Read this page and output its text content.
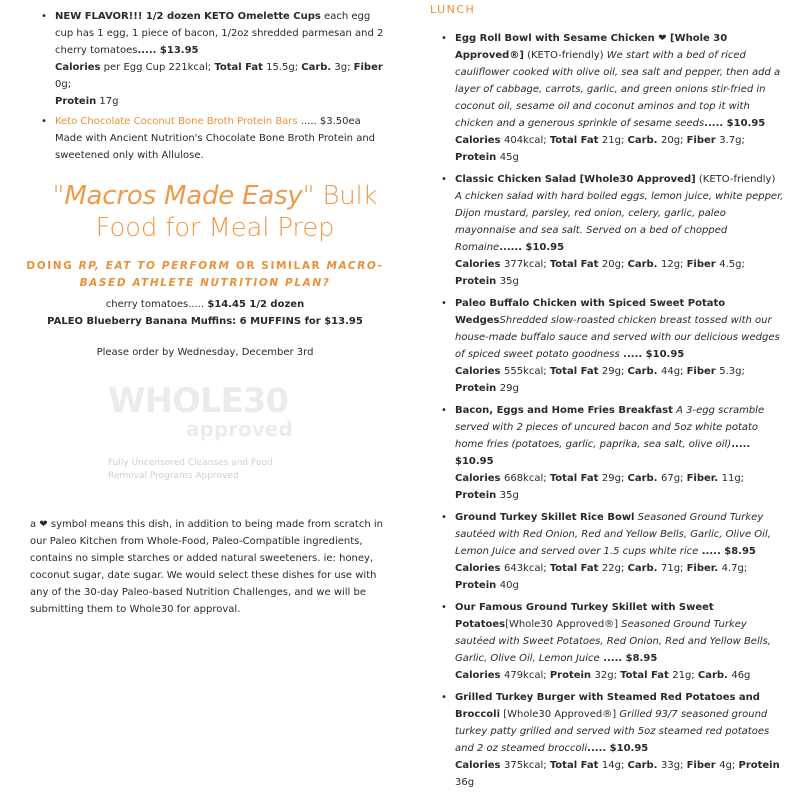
• NEW FLAVOR!!! 1/2 dozen KETO Omelette Cups each egg cup has 1 egg, 1 piece of bacon, 1/2oz shredded parmesan and 2 cherry tomatoes..... $13.95
Calories per Egg Cup 221kcal; Total Fat 15.5g; Carb. 3g; Fiber 0g;
Protein 17g
• Keto Chocolate Coconut Bone Broth Protein Bars ..... $3.50ea
Made with Ancient Nutrition's Chocolate Bone Broth Protein and sweetened only with Allulose.
"Macros Made Easy" Bulk Food for Meal Prep
DOING RP, EAT TO PERFORM OR SIMILAR MACRO-BASED ATHLETE NUTRITION PLAN?
cherry tomatoes..... $14.45 1/2 dozen
PALEO Blueberry Banana Muffins: 6 MUFFINS for $13.95
Please order by Wednesday, December 3rd
WHOLE30
approved
Fully Uncensored Cleanses and Food Removal Programs Approved
a ❤ symbol means this dish, in addition to being made from scratch in our Paleo Kitchen from Whole-Food, Paleo-Compatible ingredients, contains no simple starches or added natural sweeteners. ie: honey, coconut sugar, date sugar. We would select these dishes for use with any of the 30-day Paleo-based Nutrition Challenges, and we will be submitting them to Whole30 for approval.
LUNCH
• Egg Roll Bowl with Sesame Chicken ❤ [Whole 30 Approved®] (KETO-friendly) We start with a bed of riced cauliflower cooked with olive oil, sea salt and pepper, then add a layer of cabbage, carrots, garlic, and green onions stir-fried in coconut oil, sesame oil and coconut aminos and top it with chicken and a generous sprinkle of sesame seeds..... $10.95
Calories 404kcal; Total Fat 21g; Carb. 20g; Fiber 3.7g; Protein 45g
• Classic Chicken Salad [Whole30 Approved] (KETO-friendly) A chicken salad with hard boiled eggs, lemon juice, white pepper, Dijon mustard, parsley, red onion, celery, garlic, paleo mayonnaise and sea salt. Served on a bed of chopped Romaine...... $10.95
Calories 377kcal; Total Fat 20g; Carb. 12g; Fiber 4.5g; Protein 35g
• Paleo Buffalo Chicken with Spiced Sweet Potato WedgesShredded slow-roasted chicken breast tossed with our house-made buffalo sauce and served with our delicious wedges of spiced sweet potato goodness ..... $10.95
Calories 555kcal; Total Fat 29g; Carb. 44g; Fiber 5.3g; Protein 29g
• Bacon, Eggs and Home Fries Breakfast A 3-egg scramble served with 2 pieces of uncured bacon and 5oz white potato home fries (potatoes, garlic, paprika, sea salt, olive oil)..... $10.95
Calories 668kcal; Total Fat 29g; Carb. 67g; Fiber. 11g; Protein 35g
• Ground Turkey Skillet Rice Bowl Seasoned Ground Turkey sautéed with Red Onion, Red and Yellow Bells, Garlic, Olive Oil, Lemon Juice and served over 1.5 cups white rice ..... $8.95
Calories 643kcal; Total Fat 22g; Carb. 71g; Fiber. 4.7g; Protein 40g
• Our Famous Ground Turkey Skillet with Sweet Potatoes[Whole30 Approved®] Seasoned Ground Turkey sautéed with Sweet Potatoes, Red Onion, Red and Yellow Bells, Garlic, Olive Oil, Lemon Juice ..... $8.95
Calories 479kcal; Protein 32g; Total Fat 21g; Carb. 46g
• Grilled Turkey Burger with Steamed Red Potatoes and Broccoli [Whole30 Approved®] Grilled 93/7 seasoned ground turkey patty grilled and served with 5oz steamed red potatoes and 2 oz steamed broccoli..... $10.95
Calories 375kcal; Total Fat 14g; Carb. 33g; Fiber 4g; Protein 36g
